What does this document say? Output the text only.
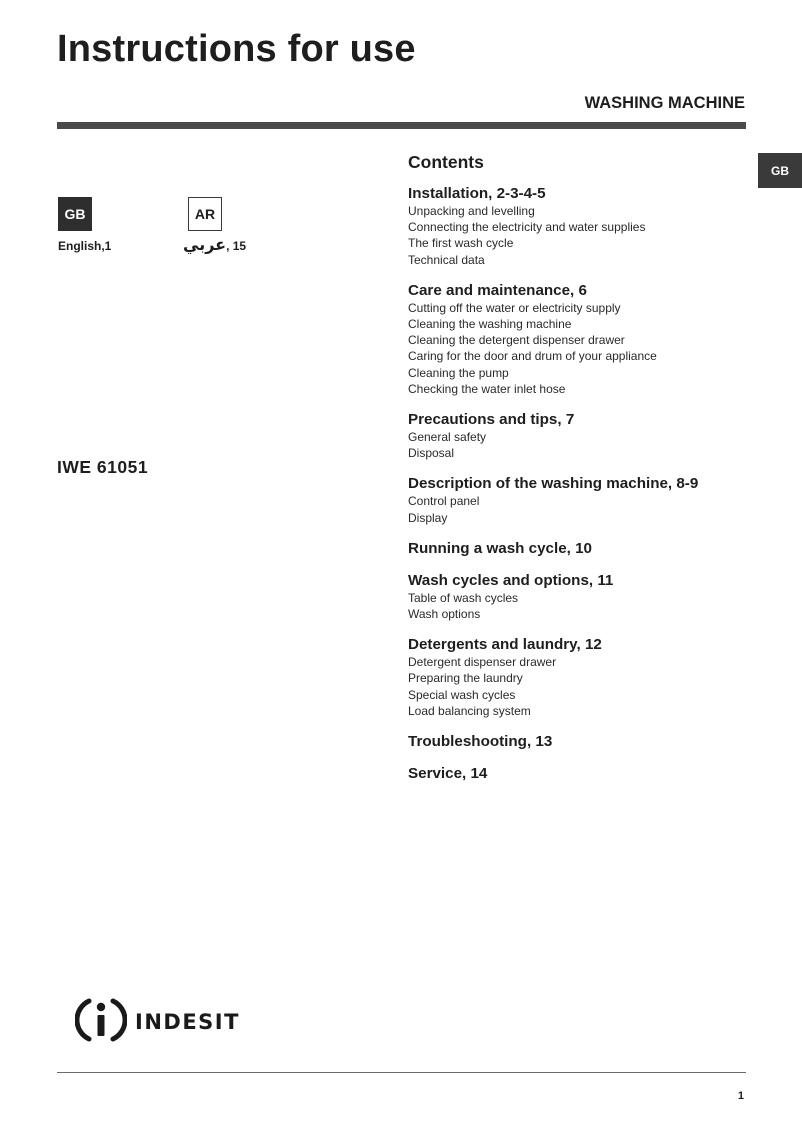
Instructions for use
WASHING MACHINE
GB
GB
English,1
AR
عربي, 15
IWE 61051
Contents
Installation, 2-3-4-5
Unpacking and levelling
Connecting the electricity and water supplies
The first wash cycle
Technical data
Care and maintenance, 6
Cutting off the water or electricity supply
Cleaning the washing machine
Cleaning the detergent dispenser drawer
Caring for the door and drum of your appliance
Cleaning the pump
Checking the water inlet hose
Precautions and tips, 7
General safety
Disposal
Description of the washing machine, 8-9
Control panel
Display
Running a wash cycle, 10
Wash cycles and options, 11
Table of wash cycles
Wash options
Detergents and laundry, 12
Detergent dispenser drawer
Preparing the laundry
Special wash cycles
Load balancing system
Troubleshooting, 13
Service, 14
indesit
1
